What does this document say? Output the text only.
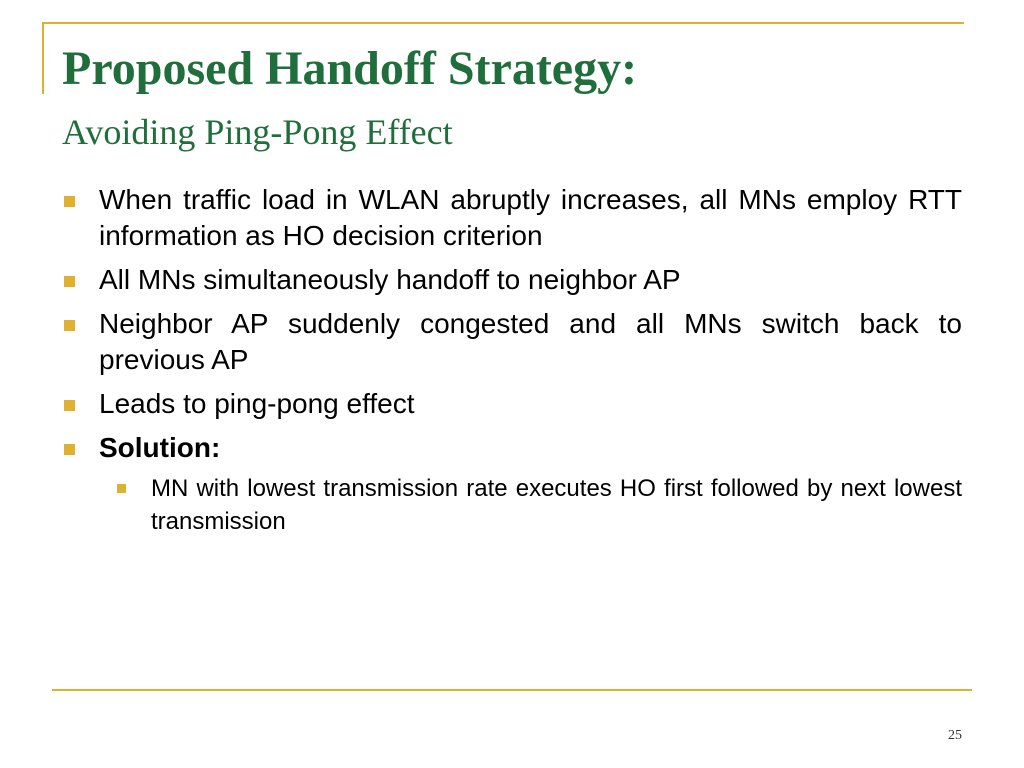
Proposed Handoff Strategy:
Avoiding Ping-Pong Effect
When traffic load in WLAN abruptly increases, all MNs employ RTT information as HO decision criterion
All MNs simultaneously handoff to neighbor AP
Neighbor AP suddenly congested and all MNs switch back to previous AP
Leads to ping-pong effect
Solution:
MN with lowest transmission rate executes HO first followed by next lowest transmission
25
